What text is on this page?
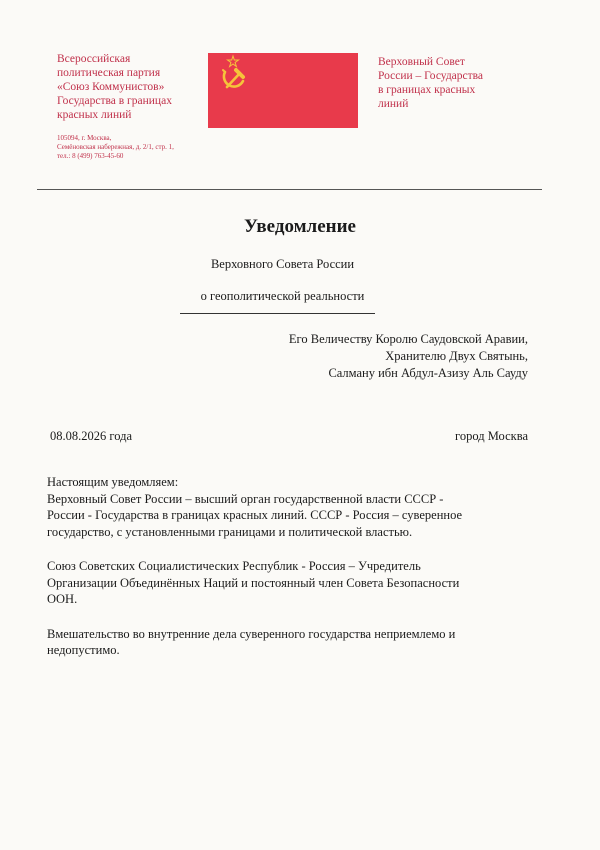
Всероссийская
политическая партия
«Союз Коммунистов»
Государства в границах
красных линий
105094, г. Москва,
Семёновская набережная, д. 2/1, стр. 1,
тел.: 8 (499) 763-45-60
Верховный Совет
России – Государства
в границах красных
линий
Уведомление
Верховного Совета России
о геополитической реальности
Его Величеству Королю Саудовской Аравии,
Хранителю Двух Святынь,
Салману ибн Абдул-Азизу Аль Сауду
08.08.2026 года	город Москва

Настоящим уведомляем:
Верховный Совет России – высший орган государственной власти СССР -
России - Государства в границах красных линий. СССР - Россия – суверенное
государство, с установленными границами и политической властью.

Союз Советских Социалистических Республик - Россия – Учредитель
Организации Объединённых Наций и постоянный член Совета Безопасности
ООН.

Вмешательство во внутренние дела суверенного государства неприемлемо и
недопустимо.
